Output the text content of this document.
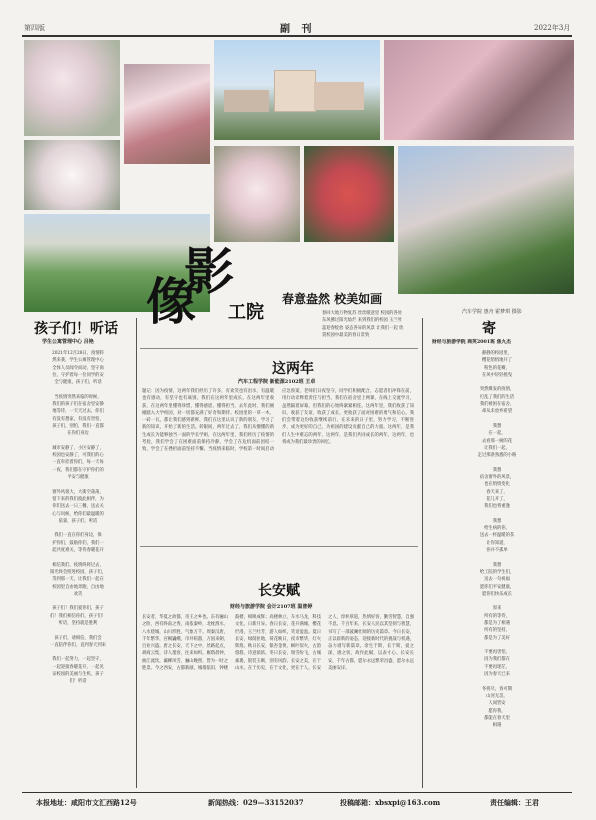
第四版	副 刊	2022年3月
汽车学院 惠舟 霍梦琪 摄影
影
像 工院
春意盎然 校美如画
春回大地万物复苏 丝丝暖意里 校园的各处
东风拂过阳光灿烂 来到我们的校园 玉兰吐
蕊迎春绽放 姿态各异的风景 让我们一起 欣
赏校园中最美的春日景致
孩子们！听话
学生公寓管理中心 吕艳
2021年12月28日，疫情猝
然来袭，学生公寓管理中心
全体人员闻令而动，坚守岗
位，守护着每一位同学的安
全与健康，孩子们，听话

当疫情突然来临的时候，
我们的孩子们在宿舍里安静
地等待，一天天过去，你们
有没有想家，有没有害怕，
孩子们，别怕，我们一直都
在你们身边

城市安静了，小区安静了，
校园也安静了，可我们的心
一直牵挂着你们，每一天每
一夜，我们都在守护你们的
平安与健康

窗外风很大，大街空荡荡，
留下来的我们彼此相伴，为
你们送去一日三餐，送去关
心与问候，给你们最温暖的
依靠，孩子们，听话

我们一直在你们身边，保
护你们，鼓励你们，我们一
起共度难关，等待春暖花开

相信我们，疫情终将过去，
阳光终会照进校园，孩子们，
等到那一天，让我们一起在
校园里自由地奔跑，自由地
欢笑

孩子们！我们爱你们，孩子
们！我们相信你们，孩子们！
听话，坚持就是胜利

孩子们，请相信，我们会
一直陪伴你们，直到春天到来

我们一起努力，一起坚守，
一起迎接春暖花开，一起见
证校园的美丽与生机，孩子
们！听话
这两年
汽车工程学院 新能源2102班 王卓
题记：因为疫情，这两年我们经历了许多，有欢笑也有泪水，有温暖也有感动，有坚守也有离别。我们在这两年里成长，在这两年里收获，在这两年里懂得珍惜，懂得感恩，懂得担当。去年此时，我们刚刚踏入大学校园，对一切都充满了好奇和期待。校园里的一草一木，一砖一瓦，都让我们感到新鲜，我们在这里认识了新的朋友，学习了新的知识，开始了新的生活。转眼间，两年过去了，我们从懵懂的新生成长为能够独当一面的学长学姐，在这两年里，我们经历了疫情的考验，我们学会了在困难面前保持冷静，学会了在危机面前团结一致，学会了在挫折面前坚持不懈。当疫情来临时，学校第一时间启动应急预案，老师们日夜坚守，同学们积极配合，志愿者们冲锋在前，用行动诠释着责任与担当。我们在宿舍里上网课，在线上交流学习，虽然隔着屏幕，但我们的心始终紧紧相连。这两年里，我们收获了知识，收获了友谊，收获了成长，更收获了面对困难的勇气和信心。我们会带着这份收获继续前行，在未来的日子里，努力学习，不断进步，成为更好的自己，为祖国的建设贡献自己的力量。这两年，是我们人生中难忘的两年，这两年，是我们共同成长的两年，这两年，也将成为我们最珍贵的回忆。
长安赋
财经与旅游学院 会计2107班 温普婷
长安者，华夏之故都，帝王之乡也。东有骊山之险，西有终南之秀，南依秦岭，北枕渭水，八水绕城，山川形胜，气象万千。周秦汉唐，千年繁华，宫阙巍峨，市井喧嚣，万国来朝，百业兴盛。唐之长安，天下之中，丝路起点，胡商云集，诗人墨客，往来如织。雁塔晨钟，曲江流饮，灞柳风雪，骊山晚照，皆为一时之胜景。今之西安，古都新颜，城墙依旧，钟楼鼓楼，相映成辉；高楼林立，车水马龙，科技文化，日新月异。春日长安，花开满城，樱花烂漫，玉兰吐芳，游人如织，笑语盈盈。夏日长安，绿荫匝地，荷花映日，夜市繁华，灯火辉煌。秋日长安，银杏金黄，枫叶似火，古韵悠悠，诗意浓浓。冬日长安，瑞雪纷飞，古城素裹，银装玉砌，别有风韵。长安之美，在于山水，在于历史，在于文化，更在于人。长安之人，淳朴厚道，热情好客，勤劳智慧，自强不息。千百年来，长安人民以其坚韧与智慧，书写了一部波澜壮阔的历史篇章。今日长安，正以崭新的姿态，迎接新时代的挑战与机遇，奋力谱写新篇章。余生于斯，长于斯，爱之深，感之切，故作此赋，以表寸心。长安长安，千年古都，愿尔永远繁荣昌盛，愿尔永远美丽安详。
寄
财经与旅游学院 商英2001班 焦九杰
静静的校园里，
樱花悄悄地开了
粉色的花瓣，
在风中轻轻摇曳

突然爆发的疫情，
打乱了我们的生活
我们被困在宿舍，
却从未放弃希望

我想
在一起，
去看那一树的花
让我们一起，
走过那条熟悉的小路

我想
宿舍窗外的风景，
也在悄悄变化
春天来了，
花儿开了，
我们也将重逢

我想
给生病的你，
送去一杯温暖的茶
让你知道，
你并不孤单

我想
给工院的学生们，
送去一句祝福
愿你们平安健康，
愿你们快乐成长

原来
所有的等待，
都是为了相遇
所有的坚持，
都是为了美好

不要再害怕，
因为我们都在
不要再迷茫，
因为春天已来

冬将尽，春可期
山河无恙，
人间皆安
愿你我，
都能在春天里
相遇
本报地址：咸阳市文汇西路12号	新闻热线：029—33152037	投稿邮箱：xbsxpi@163.com	责任编辑：王君
